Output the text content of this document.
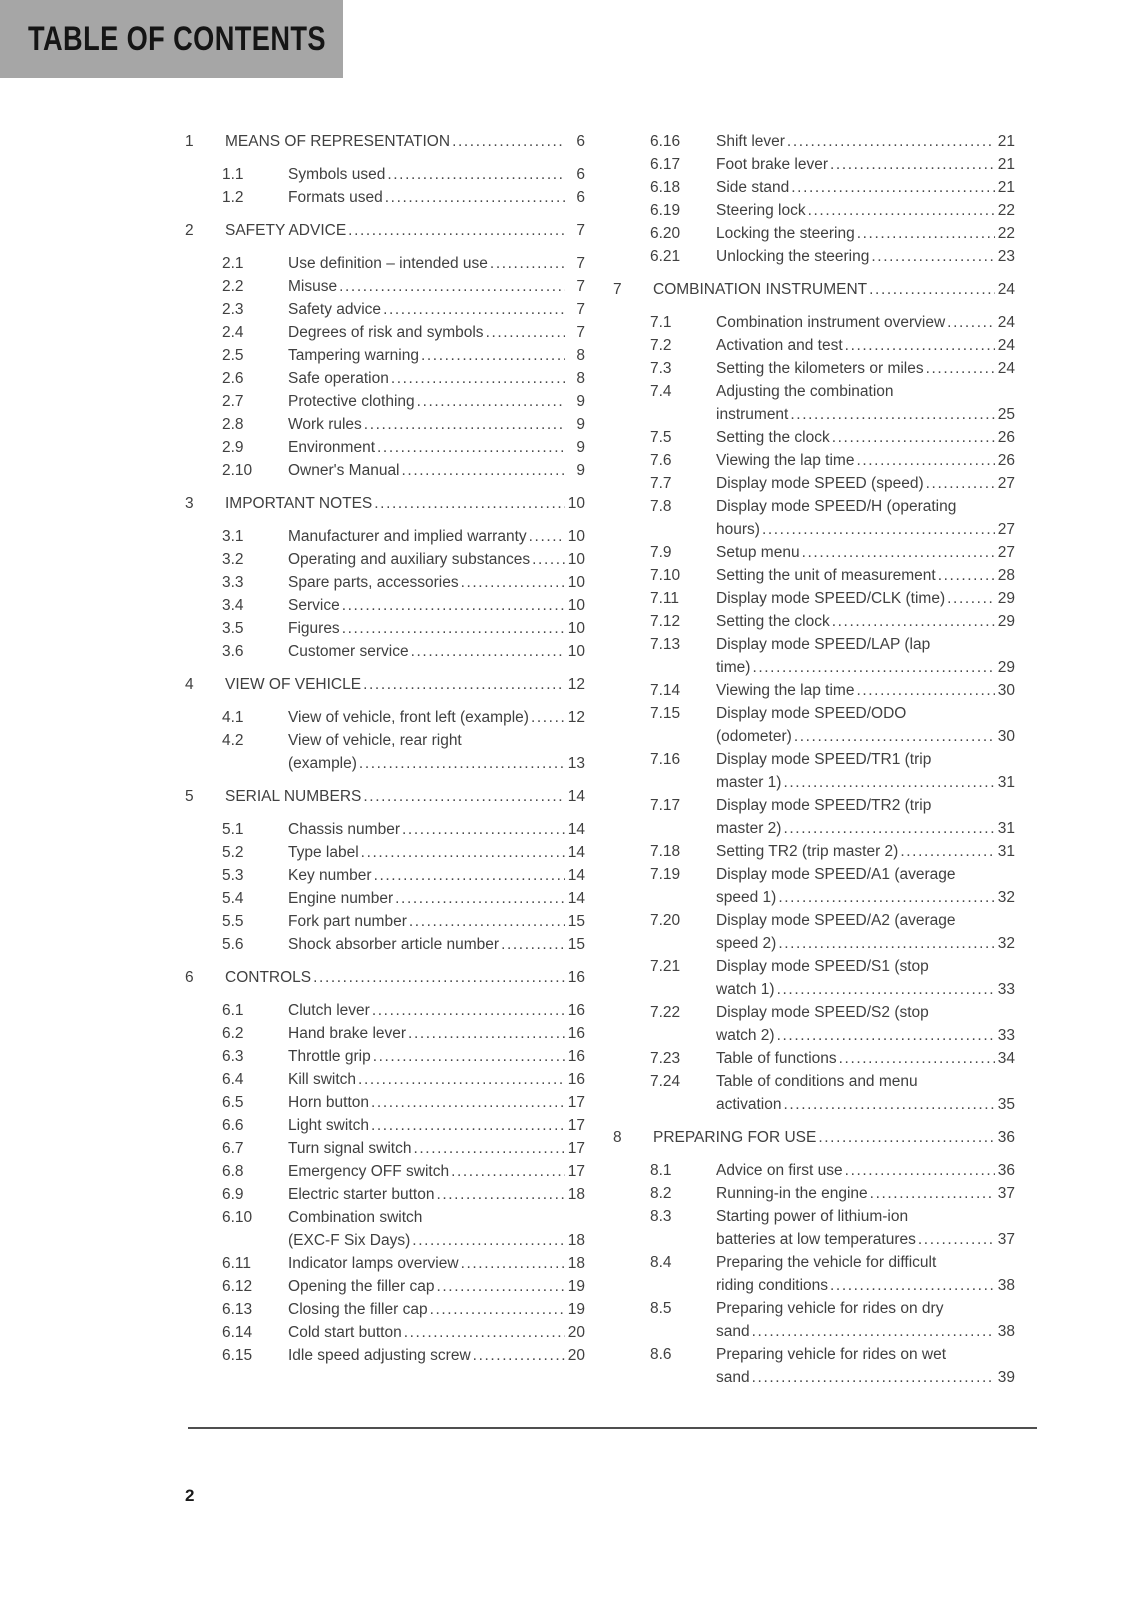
TABLE OF CONTENTS
1	MEANS OF REPRESENTATION .....	6
1.1	Symbols used .....	6
1.2	Formats used .....	6
2	SAFETY ADVICE .....	7
2.1	Use definition – intended use .....	7
2.2	Misuse .....	7
2.3	Safety advice .....	7
2.4	Degrees of risk and symbols .....	7
2.5	Tampering warning .....	8
2.6	Safe operation .....	8
2.7	Protective clothing .....	9
2.8	Work rules .....	9
2.9	Environment .....	9
2.10	Owner's Manual .....	9
3	IMPORTANT NOTES .....	10
3.1	Manufacturer and implied warranty .....	10
3.2	Operating and auxiliary substances ..... 10
3.3	Spare parts, accessories .....	10
3.4	Service .....	10
3.5	Figures .....	10
3.6	Customer service .....	10
4	VIEW OF VEHICLE .....	12
4.1	View of vehicle, front left (example) .....	12
4.2	View of vehicle, rear right
(example) .....	13
5	SERIAL NUMBERS .....	14
5.1	Chassis number .....	14
5.2	Type label .....	14
5.3	Key number .....	14
5.4	Engine number .....	14
5.5	Fork part number .....	15
5.6	Shock absorber article number .....	15
6	CONTROLS .....	16
6.1	Clutch lever .....	16
6.2	Hand brake lever .....	16
6.3	Throttle grip .....	16
6.4	Kill switch .....	16
6.5	Horn button .....	17
6.6	Light switch .....	17
6.7	Turn signal switch .....	17
6.8	Emergency OFF switch .....	17
6.9	Electric starter button .....	18
6.10	Combination switch
(EXC-F Six Days) .....	18
6.11	Indicator lamps overview .....	18
6.12	Opening the filler cap .....	19
6.13	Closing the filler cap .....	19
6.14	Cold start button .....	20
6.15	Idle speed adjusting screw .....	20
6.16	Shift lever .....	21
6.17	Foot brake lever .....	21
6.18	Side stand .....	21
6.19	Steering lock .....	22
6.20	Locking the steering .....	22
6.21	Unlocking the steering .....	23
7	COMBINATION INSTRUMENT .....	24
7.1	Combination instrument overview .....	24
7.2	Activation and test .....	24
7.3	Setting the kilometers or miles .....	24
7.4	Adjusting the combination
instrument .....	25
7.5	Setting the clock .....	26
7.6	Viewing the lap time .....	26
7.7	Display mode SPEED (speed) .....	27
7.8	Display mode SPEED/H (operating
hours) .....	27
7.9	Setup menu .....	27
7.10	Setting the unit of measurement .....	28
7.11	Display mode SPEED/CLK (time) .....	29
7.12	Setting the clock .....	29
7.13	Display mode SPEED/LAP (lap
time) .....	29
7.14	Viewing the lap time .....	30
7.15	Display mode SPEED/ODO
(odometer) .....	30
7.16	Display mode SPEED/TR1 (trip
master 1) .....	31
7.17	Display mode SPEED/TR2 (trip
master 2) .....	31
7.18	Setting TR2 (trip master 2) .....	31
7.19	Display mode SPEED/A1 (average
speed 1) .....	32
7.20	Display mode SPEED/A2 (average
speed 2) .....	32
7.21	Display mode SPEED/S1 (stop
watch 1) .....	33
7.22	Display mode SPEED/S2 (stop
watch 2) .....	33
7.23	Table of functions .....	34
7.24	Table of conditions and menu
activation .....	35
8	PREPARING FOR USE .....	36
8.1	Advice on first use .....	36
8.2	Running-in the engine .....	37
8.3	Starting power of lithium-ion
batteries at low temperatures .....	37
8.4	Preparing the vehicle for difficult
riding conditions .....	38
8.5	Preparing vehicle for rides on dry
sand .....	38
8.6	Preparing vehicle for rides on wet
sand .....	39
2
